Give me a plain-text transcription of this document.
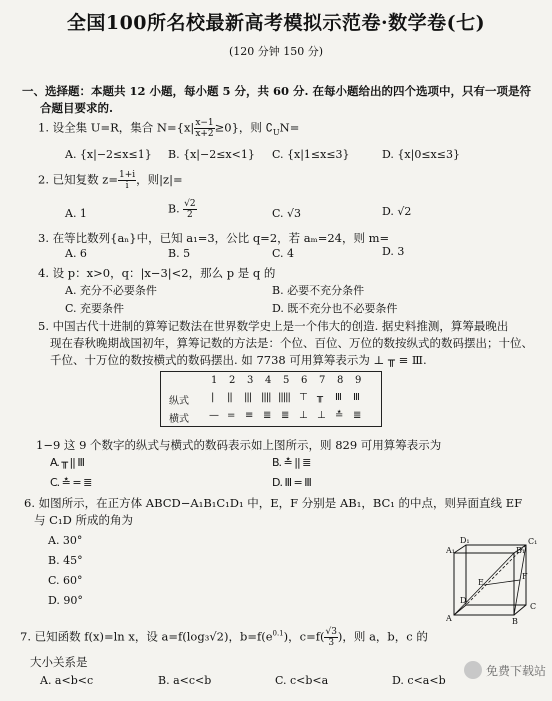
全国100所名校最新高考模拟示范卷·数学卷(七)
(120 分钟 150 分)
一、选择题：本题共 12 小题，每小题 5 分，共 60 分. 在每小题给出的四个选项中，只有一项是符
合题目要求的.
1. 设全集 U=R，集合 $N=\{x| \frac{x-1}{x+2} \ge 0\}$，则 $∁_UN=$
A. {x|−2≤x≤1} B. {x|−2≤x<1} C. {x|1≤x≤3}	D. {x|0≤x≤3}
2. 已知复数 $z= \frac{1+i}{i}$ ，则|z|=
A. 1	B. $\frac{√2}{2}$	C. √3	D. √2
3. 在等比数列{aₙ}中，已知 a₁=3，公比 q=2，若 aₘ=24，则 m=
A. 6	B. 5	C. 4	D. 3
4. 设 p：x>0，q：|x−3|<2，那么 p 是 q 的
A. 充分不必要条件	B. 必要不充分条件
C. 充要条件	D. 既不充分也不必要条件
5. 中国古代十进制的算筹记数法在世界数学史上是一个伟大的创造. 据史料推测，算筹最晚出
现在春秋晚期战国初年，算筹记数的方法是：个位、百位、万位的数按纵式的数码摆出；十位、
千位、十万位的数按横式的数码摆出. 如 7738 可用算筹表示为 ⊥ ╥ ≡ Ⅲ.
1 2 3 4 5 6 7 8 9
纵式 | || ||| |||| ||||| ⊤ ╥ Ⅲ Ⅲ
横式 — = ≡ ≣ ≣ ⊥ ⊥ ≛ ≣
1−9 这 9 个数字的纵式与横式的数码表示如上图所示，则 829 可用算筹表示为
A. ╥ || Ⅲ	B. ≛ || ≣
C. ≛ = ≣	D. Ⅲ = Ⅲ
6. 如图所示，在正方体 ABCD−A₁B₁C₁D₁ 中，E，F 分别是 AB₁，BC₁ 的中点，则异面直线 EF
与 C₁D 所成的角为
A. 30°
B. 45°
C. 60°
D. 90°
D₁	C₁
A₁	B₁
E
F
A
D
C
B
7. 已知函数 f(x)=ln x，设 a=f(log₃√2)，$b=f(e^{0.1})$，$c=f( \frac{√3}{3}$ )，则 a，b，c 的
大小关系是
A. a<b<c	B. a<c<b	C. c<b<a	D. c<a<b
免费下载站
